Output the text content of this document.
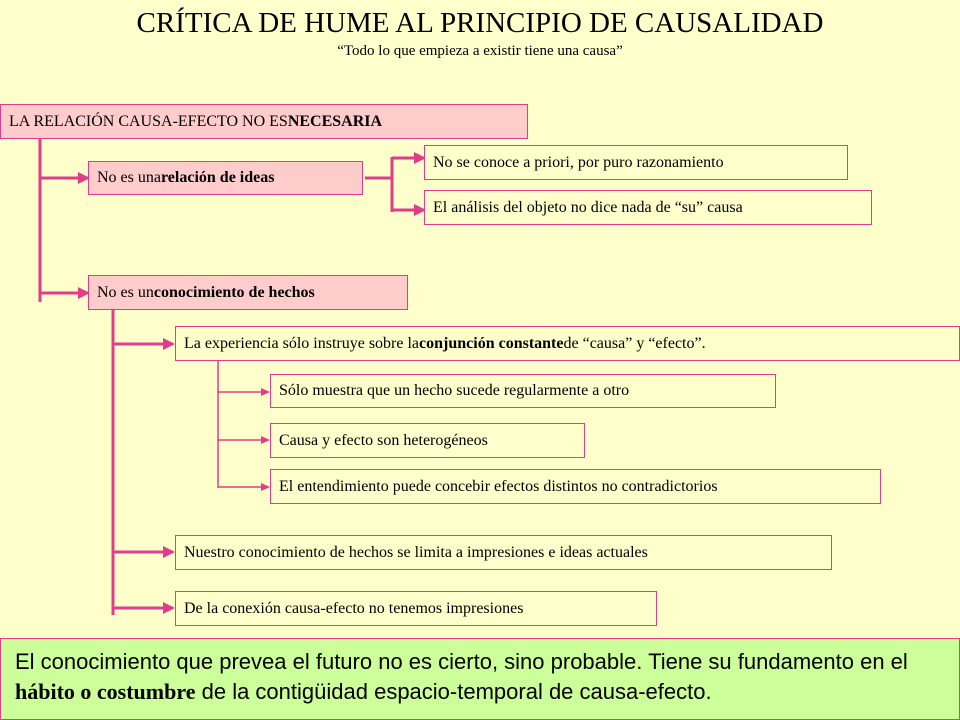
CRÍTICA DE HUME AL PRINCIPIO DE CAUSALIDAD
“Todo lo que empieza a existir tiene una causa”
LA RELACIÓN CAUSA-EFECTO NO ES NECESARIA
No es una relación de ideas
No se conoce a priori, por puro razonamiento
El análisis del objeto no dice nada de “su” causa
No es un conocimiento de hechos
La experiencia sólo instruye sobre la conjunción constante de “causa” y “efecto”.
Sólo muestra que un hecho sucede regularmente a otro
Causa y efecto son heterogéneos
El entendimiento puede concebir efectos distintos no contradictorios
Nuestro conocimiento de hechos se limita a impresiones e ideas actuales
De la conexión causa-efecto no tenemos impresiones
El conocimiento que prevea el futuro no es cierto, sino probable. Tiene su fundamento en el hábito o costumbre de la contigüidad espacio-temporal de causa-efecto.
